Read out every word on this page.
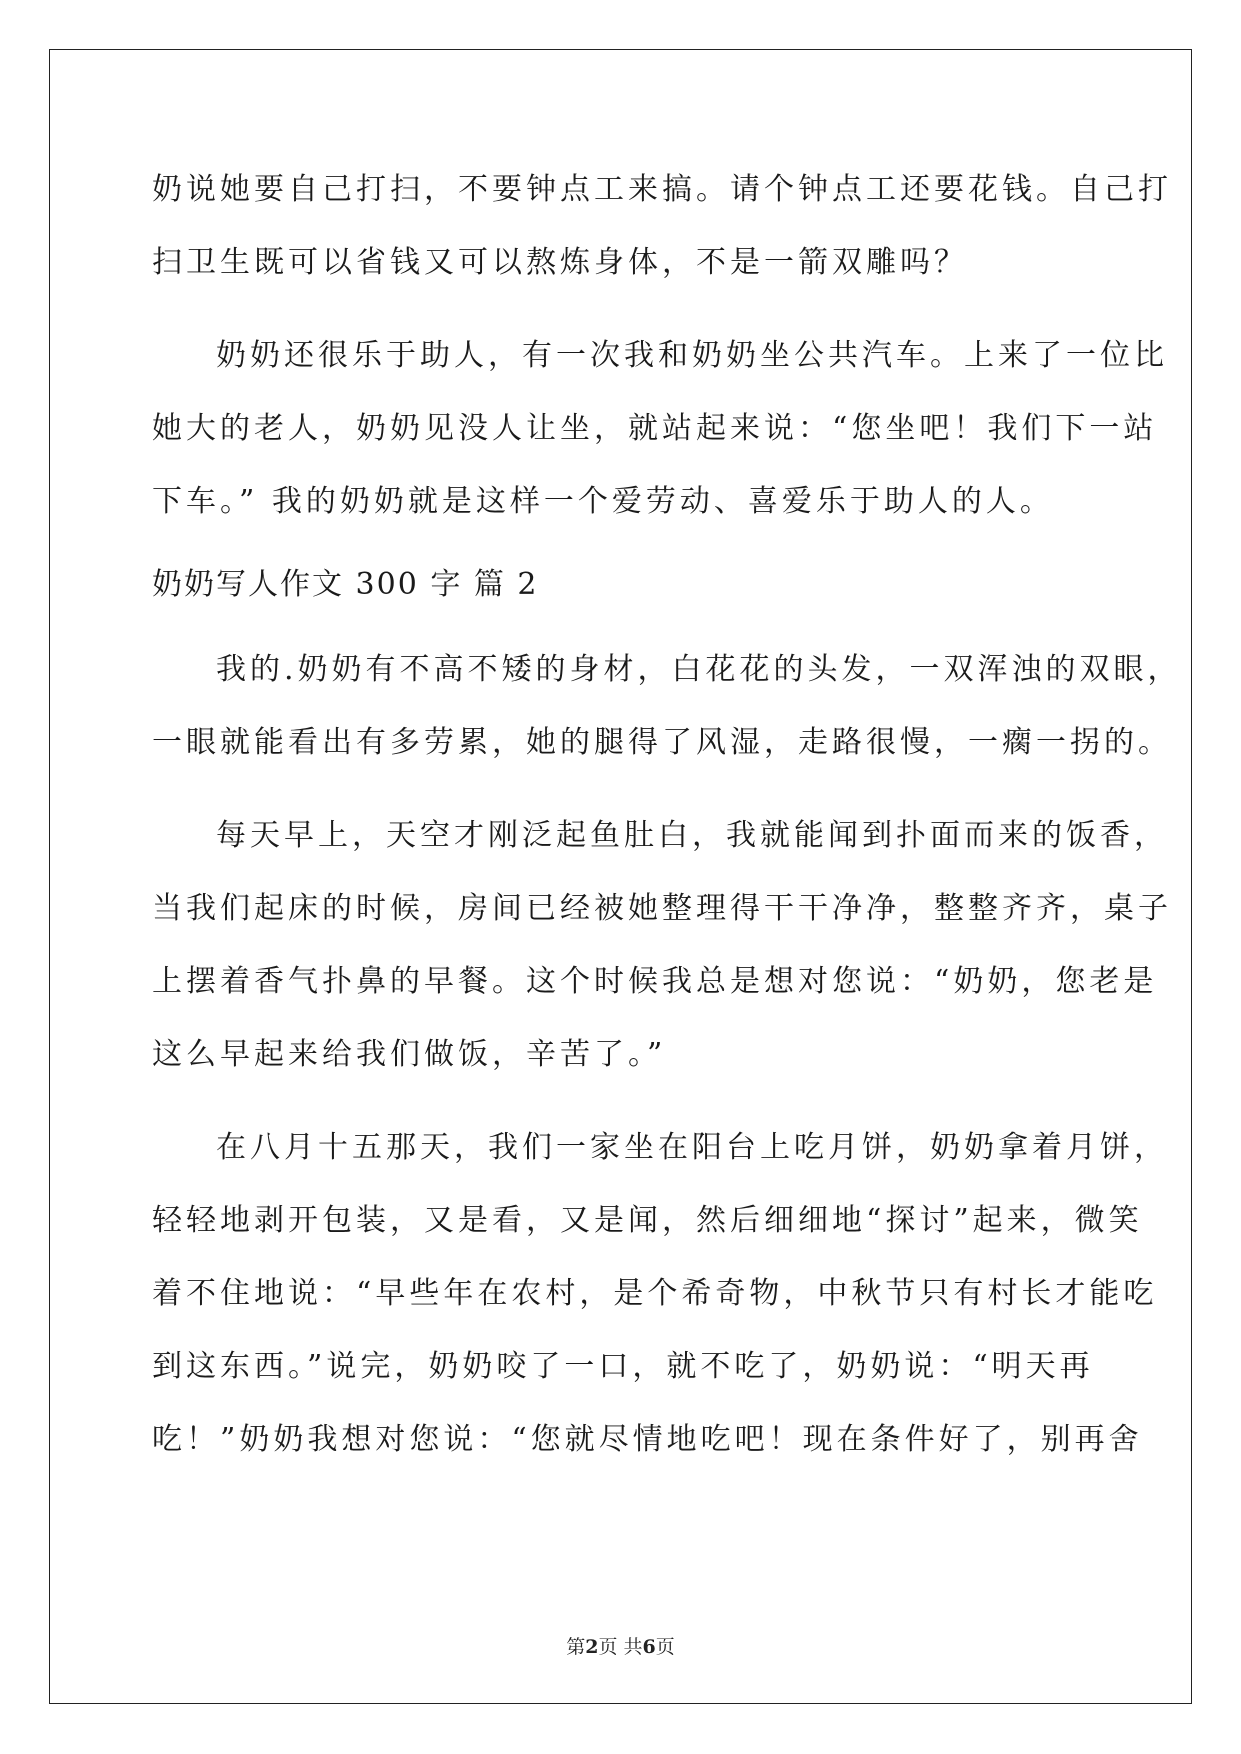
奶说她要自己打扫，不要钟点工来搞。请个钟点工还要花钱。自己打
扫卫生既可以省钱又可以熬炼身体，不是一箭双雕吗？
奶奶还很乐于助人，有一次我和奶奶坐公共汽车。上来了一位比
她大的老人，奶奶见没人让坐，就站起来说：“您坐吧！我们下一站
下车。” 我的奶奶就是这样一个爱劳动、喜爱乐于助人的人。
奶奶写人作文 300 字 篇 2
我的.奶奶有不高不矮的身材，白花花的头发，一双浑浊的双眼，
一眼就能看出有多劳累，她的腿得了风湿，走路很慢，一瘸一拐的。
每天早上，天空才刚泛起鱼肚白，我就能闻到扑面而来的饭香，
当我们起床的时候，房间已经被她整理得干干净净，整整齐齐，桌子
上摆着香气扑鼻的早餐。这个时候我总是想对您说：“奶奶，您老是
这么早起来给我们做饭，辛苦了。”
在八月十五那天，我们一家坐在阳台上吃月饼，奶奶拿着月饼，
轻轻地剥开包装，又是看，又是闻，然后细细地“探讨”起来，微笑
着不住地说：“早些年在农村，是个希奇物，中秋节只有村长才能吃
到这东西。”说完，奶奶咬了一口，就不吃了，奶奶说：“明天再
吃！”奶奶我想对您说：“您就尽情地吃吧！现在条件好了，别再舍
第2页 共6页
